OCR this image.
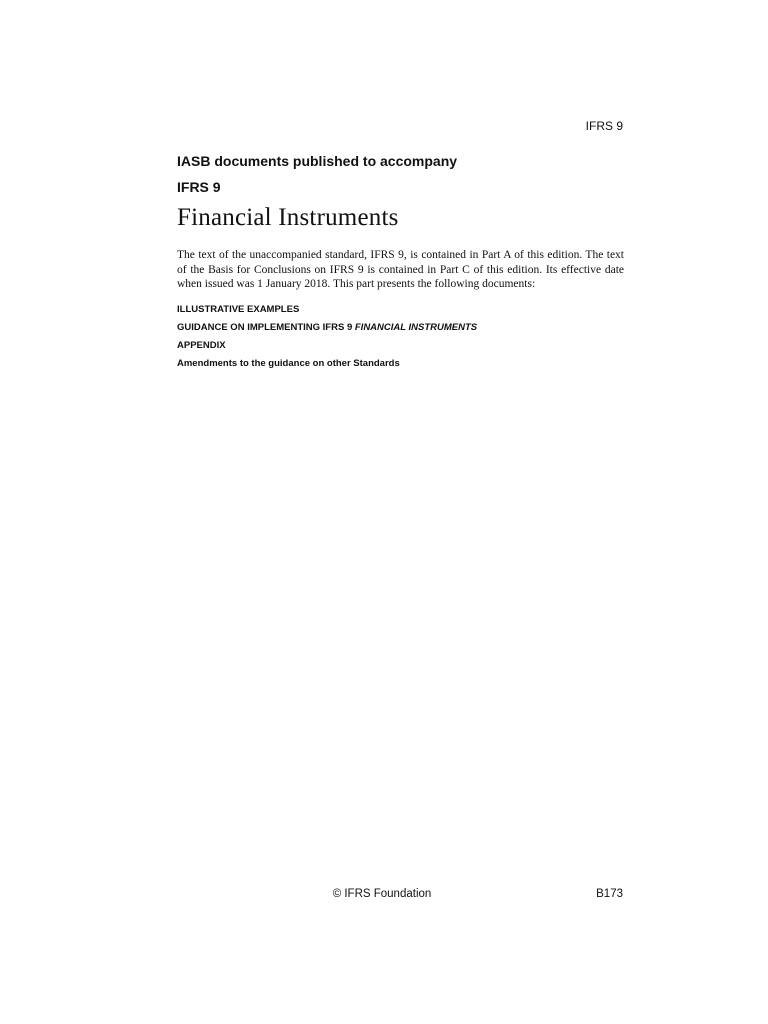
IFRS 9
IASB documents published to accompany
IFRS 9
Financial Instruments

The text of the unaccompanied standard, IFRS 9, is contained in Part A of this edition. The text of the Basis for Conclusions on IFRS 9 is contained in Part C of this edition. Its effective date when issued was 1 January 2018. This part presents the following documents:

ILLUSTRATIVE EXAMPLES
GUIDANCE ON IMPLEMENTING IFRS 9 FINANCIAL INSTRUMENTS
APPENDIX
Amendments to the guidance on other Standards
© IFRS Foundation	B173
